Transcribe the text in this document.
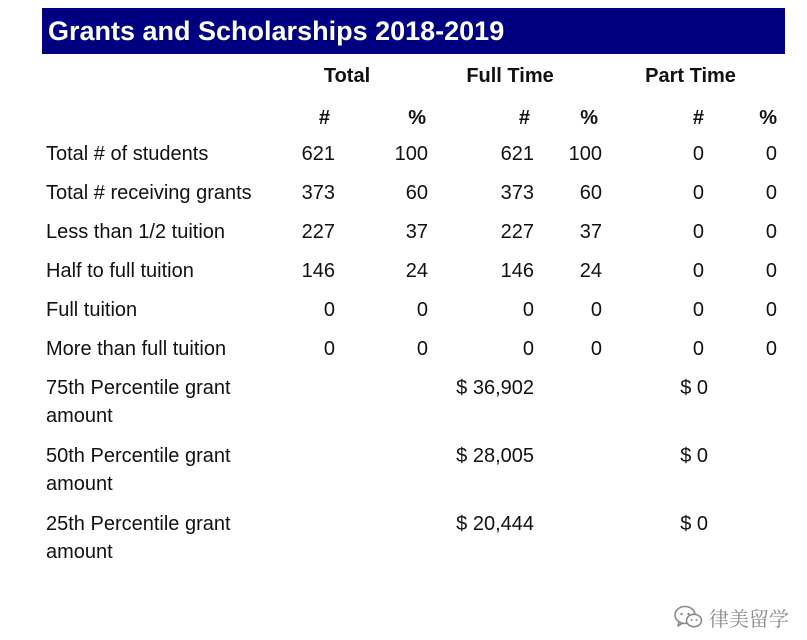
Grants and Scholarships 2018-2019
	Total		Full Time		Part Time	
	#	%	#	%	#	%
Total # of students	621	100	621	100	0	0
Total # receiving grants	373	60	373	60	0	0
Less than 1/2 tuition	227	37	227	37	0	0
Half to full tuition	146	24	146	24	0	0
Full tuition	0	0	0	0	0	0
More than full tuition	0	0	0	0	0	0
75th Percentile grant amount			$ 36,902		$ 0	
50th Percentile grant amount			$ 28,005		$ 0	
25th Percentile grant amount			$ 20,444		$ 0	
律美留学
